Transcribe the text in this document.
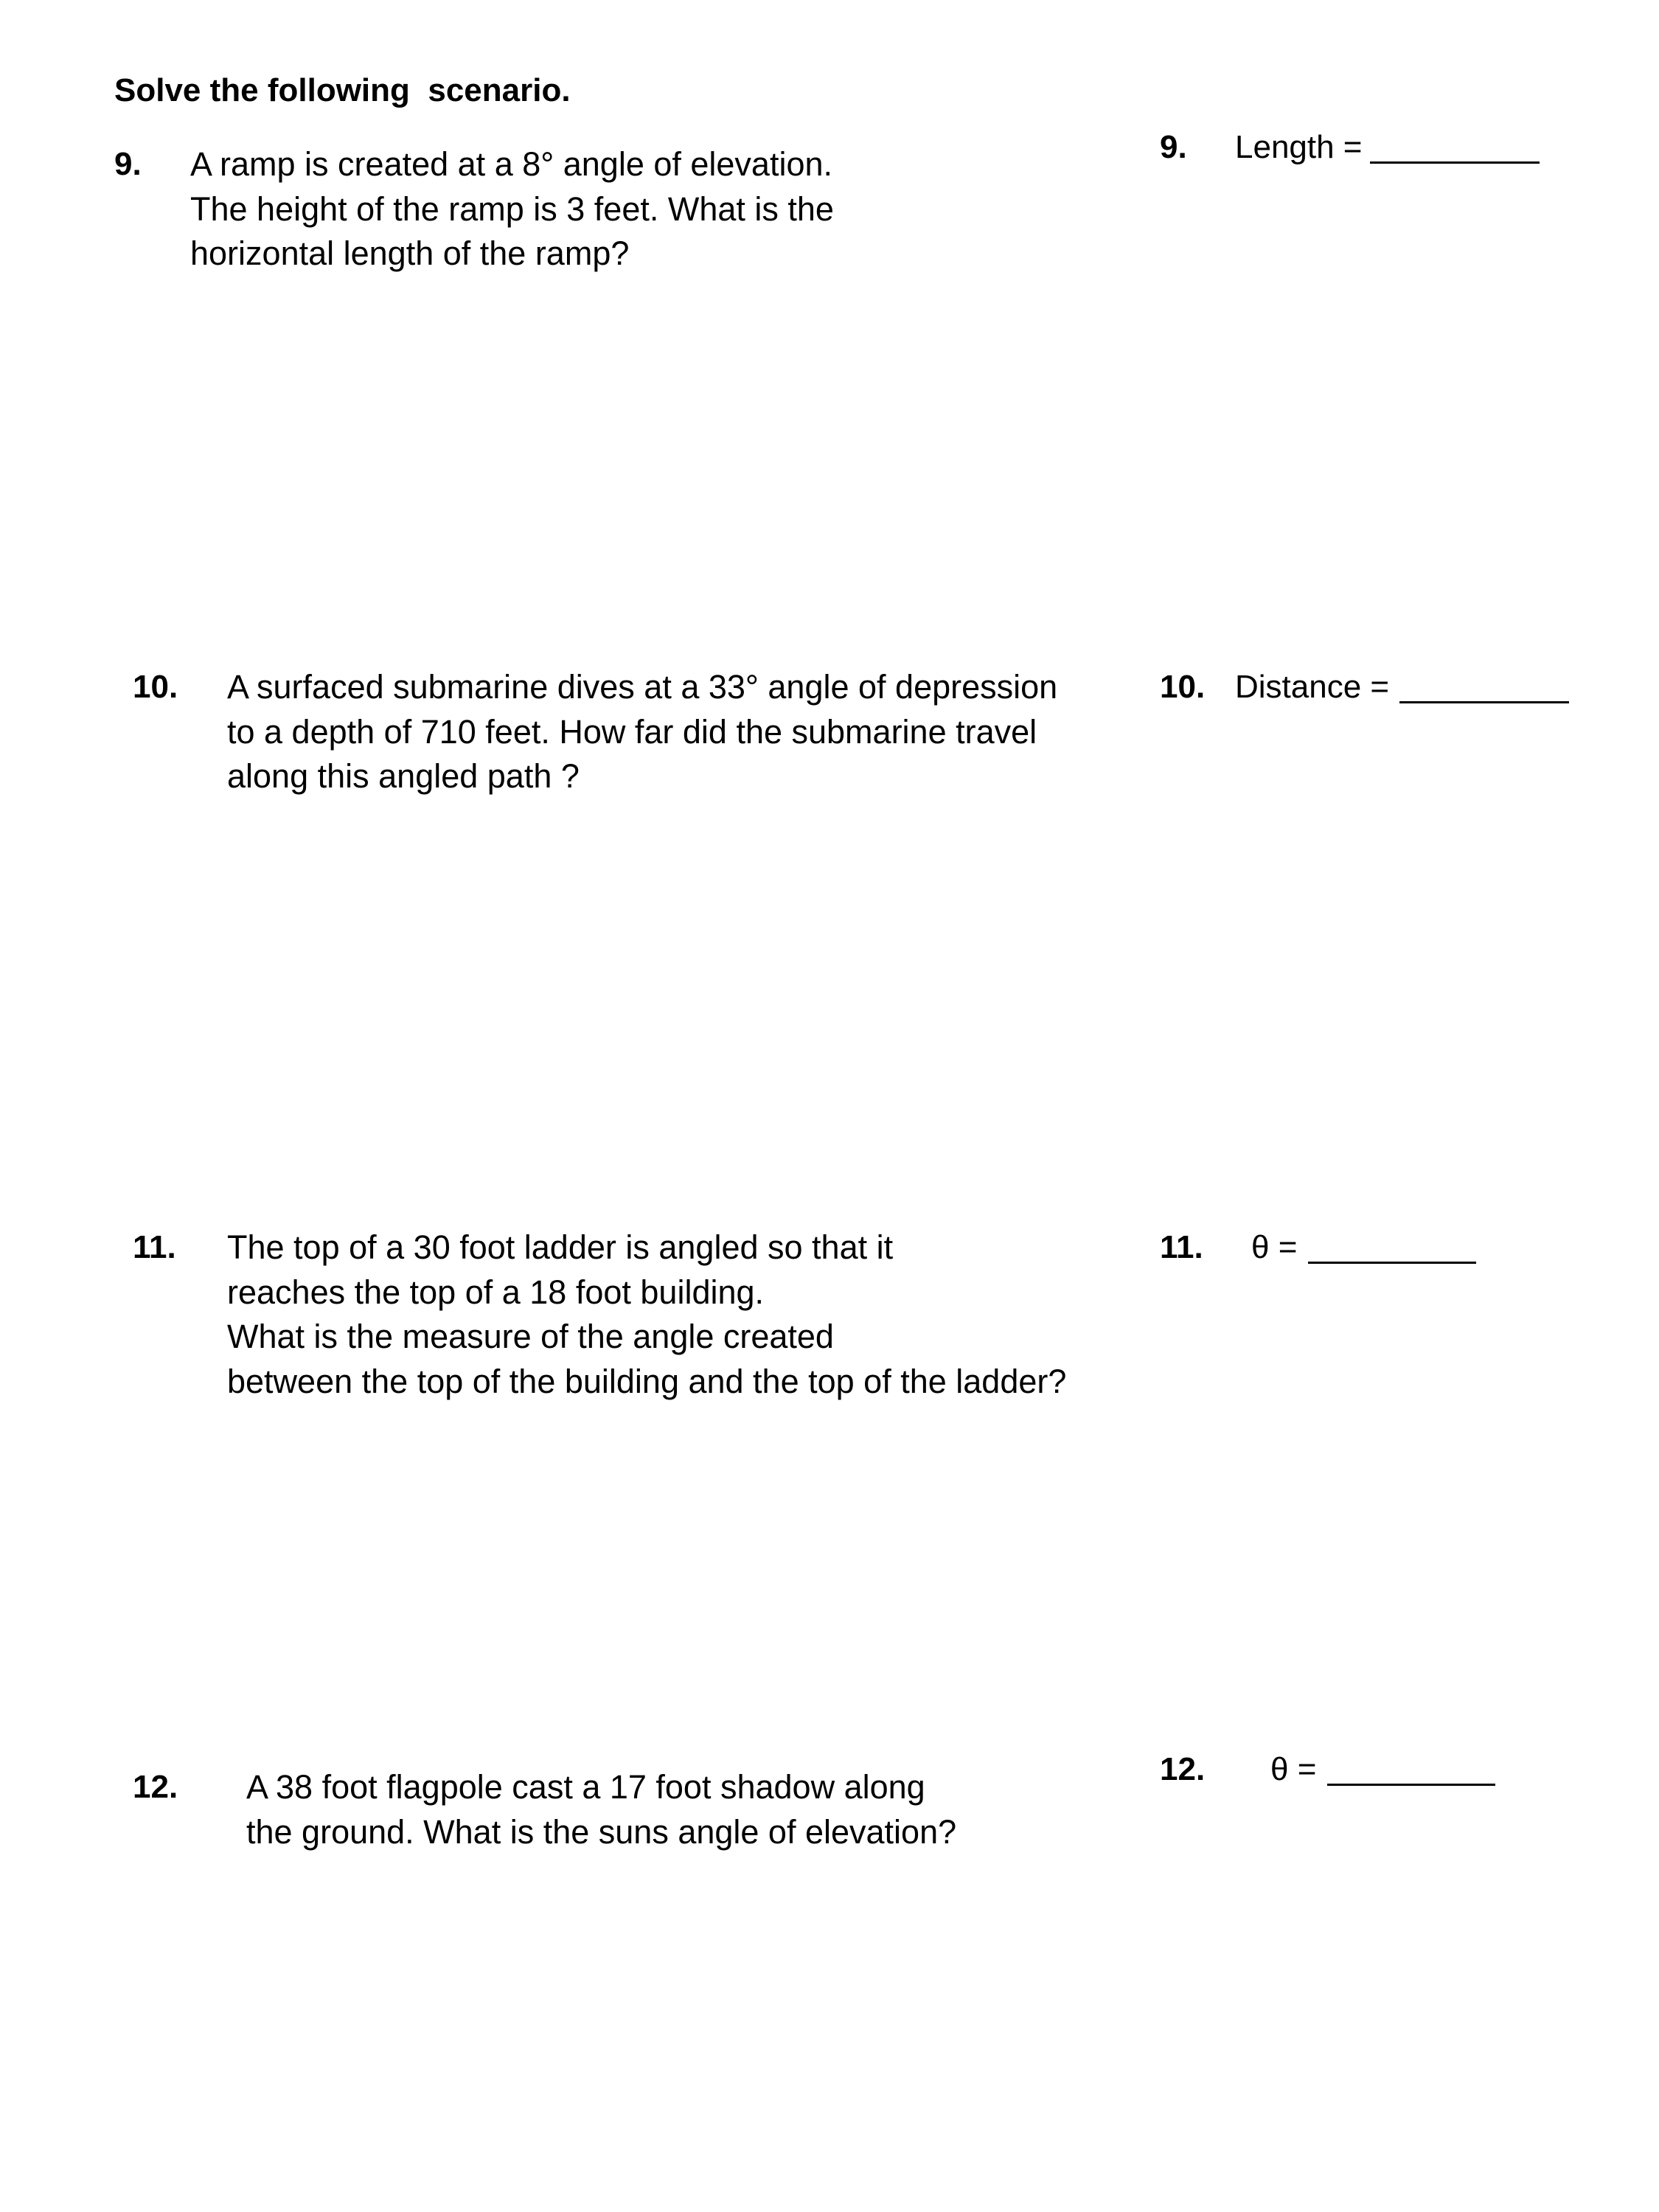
Solve the following  scenario.
9. A ramp is created at a 8° angle of elevation.
The height of the ramp is 3 feet. What is the
horizontal length of the ramp?
10. A surfaced submarine dives at a 33° angle of depression
to a depth of 710 feet. How far did the submarine travel
along this angled path ?
11. The top of a 30 foot ladder is angled so that it
reaches the top of a 18 foot building.
What is the measure of the angle created
between the top of the building and the top of the ladder?
12. A 38 foot flagpole cast a 17 foot shadow along
the ground. What is the suns angle of elevation?
9. Length =
10. Distance =
11. θ =
12. θ =
